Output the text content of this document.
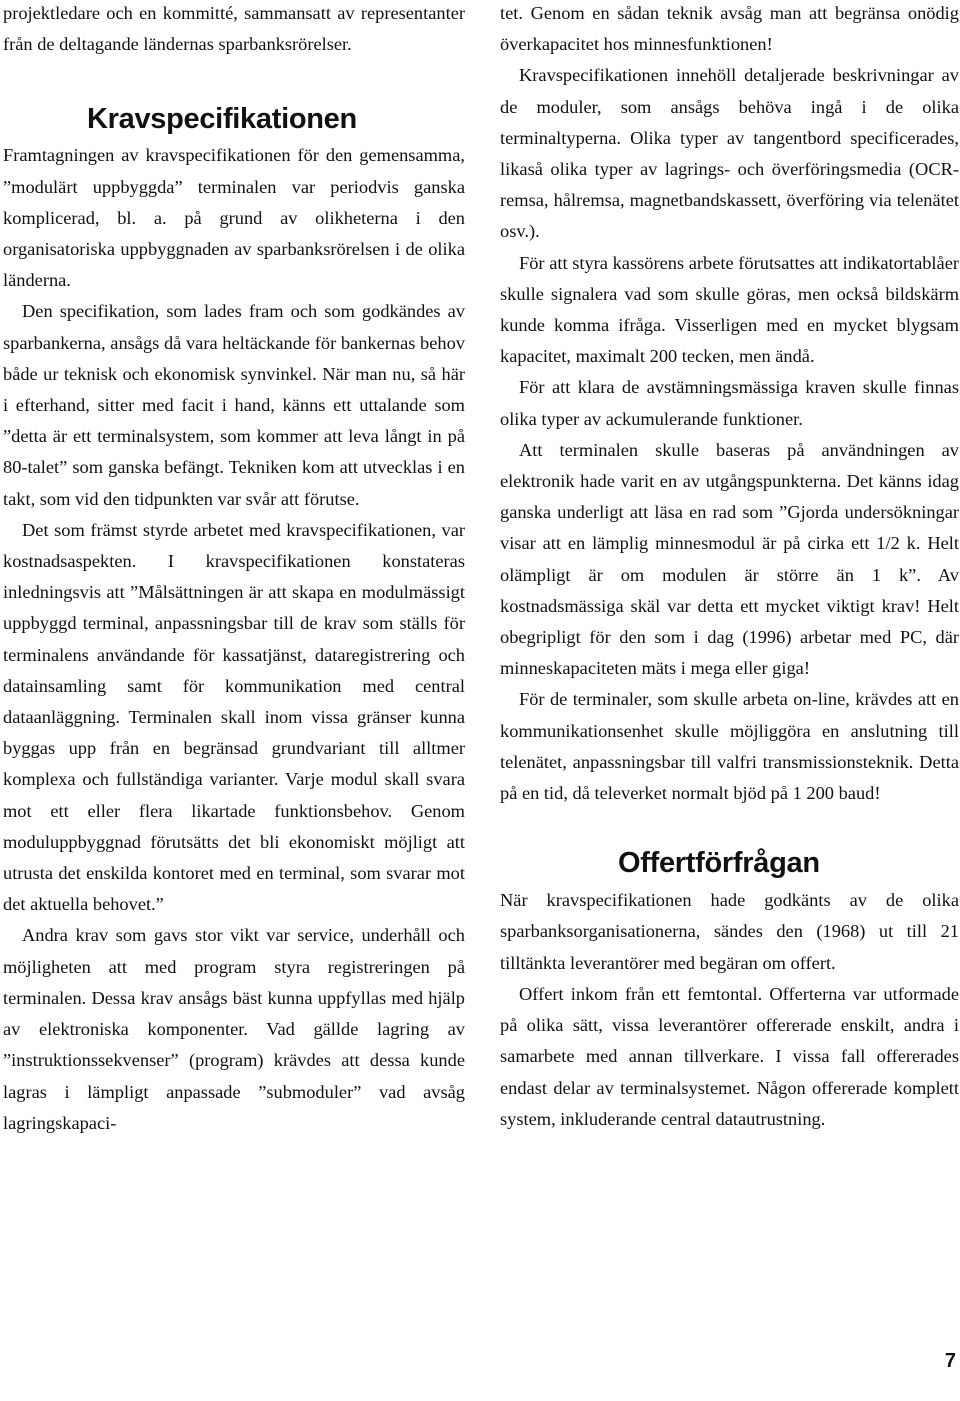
projektledare och en kommitté, sammansatt av representanter från de deltagande ländernas sparbanksrörelser.

Kravspecifikationen

Framtagningen av kravspecifikationen för den gemensamma, ”modulärt uppbyggda” terminalen var periodvis ganska komplicerad, bl. a. på grund av olikheterna i den organisatoriska uppbyggnaden av sparbanksrörelsen i de olika länderna.

Den specifikation, som lades fram och som godkändes av sparbankerna, ansågs då vara heltäckande för bankernas behov både ur teknisk och ekonomisk synvinkel. När man nu, så här i efterhand, sitter med facit i hand, känns ett uttalande som ”detta är ett terminalsystem, som kommer att leva långt in på 80-talet” som ganska befängt. Tekniken kom att utvecklas i en takt, som vid den tidpunkten var svår att förutse.

Det som främst styrde arbetet med kravspecifikationen, var kostnadsaspekten. I kravspecifikationen konstateras inledningsvis att ”Målsättningen är att skapa en modulmässigt uppbyggd terminal, anpassningsbar till de krav som ställs för terminalens användande för kassatjänst, dataregistrering och datainsamling samt för kommunikation med central dataanläggning. Terminalen skall inom vissa gränser kunna byggas upp från en begränsad grundvariant till alltmer komplexa och fullständiga varianter. Varje modul skall svara mot ett eller flera likartade funktionsbehov. Genom moduluppbyggnad förutsätts det bli ekonomiskt möjligt att utrusta det enskilda kontoret med en terminal, som svarar mot det aktuella behovet.”

Andra krav som gavs stor vikt var service, underhåll och möjligheten att med program styra registreringen på terminalen. Dessa krav ansågs bäst kunna uppfyllas med hjälp av elektroniska komponenter. Vad gällde lagring av ”instruktionssekvenser” (program) krävdes att dessa kunde lagras i lämpligt anpassade ”submoduler” vad avsåg lagringskapaci-

tet. Genom en sådan teknik avsåg man att begränsa onödig överkapacitet hos minnesfunktionen!

Kravspecifikationen innehöll detaljerade beskrivningar av de moduler, som ansågs behöva ingå i de olika terminaltyperna. Olika typer av tangentbord specificerades, likaså olika typer av lagrings- och överföringsmedia (OCR-remsa, hålremsa, magnetbandskassett, överföring via telenätet osv.).

För att styra kassörens arbete förutsattes att indikatortablåer skulle signalera vad som skulle göras, men också bildskärm kunde komma ifråga. Visserligen med en mycket blygsam kapacitet, maximalt 200 tecken, men ändå.

För att klara de avstämningsmässiga kraven skulle finnas olika typer av ackumulerande funktioner.

Att terminalen skulle baseras på användningen av elektronik hade varit en av utgångspunkterna. Det känns idag ganska underligt att läsa en rad som ”Gjorda undersökningar visar att en lämplig minnesmodul är på cirka ett 1/2 k. Helt olämpligt är om modulen är större än 1 k”. Av kostnadsmässiga skäl var detta ett mycket viktigt krav! Helt obegripligt för den som i dag (1996) arbetar med PC, där minneskapaciteten mäts i mega eller giga!

För de terminaler, som skulle arbeta on-line, krävdes att en kommunikationsenhet skulle möjliggöra en anslutning till telenätet, anpassningsbar till valfri transmissionsteknik. Detta på en tid, då televerket normalt bjöd på 1 200 baud!

Offertförfrågan

När kravspecifikationen hade godkänts av de olika sparbanksorganisationerna, sändes den (1968) ut till 21 tilltänkta leverantörer med begäran om offert.

Offert inkom från ett femtontal. Offerterna var utformade på olika sätt, vissa leverantörer offererade enskilt, andra i samarbete med annan tillverkare. I vissa fall offererades endast delar av terminalsystemet. Någon offererade komplett system, inkluderande central datautrustning.

7
